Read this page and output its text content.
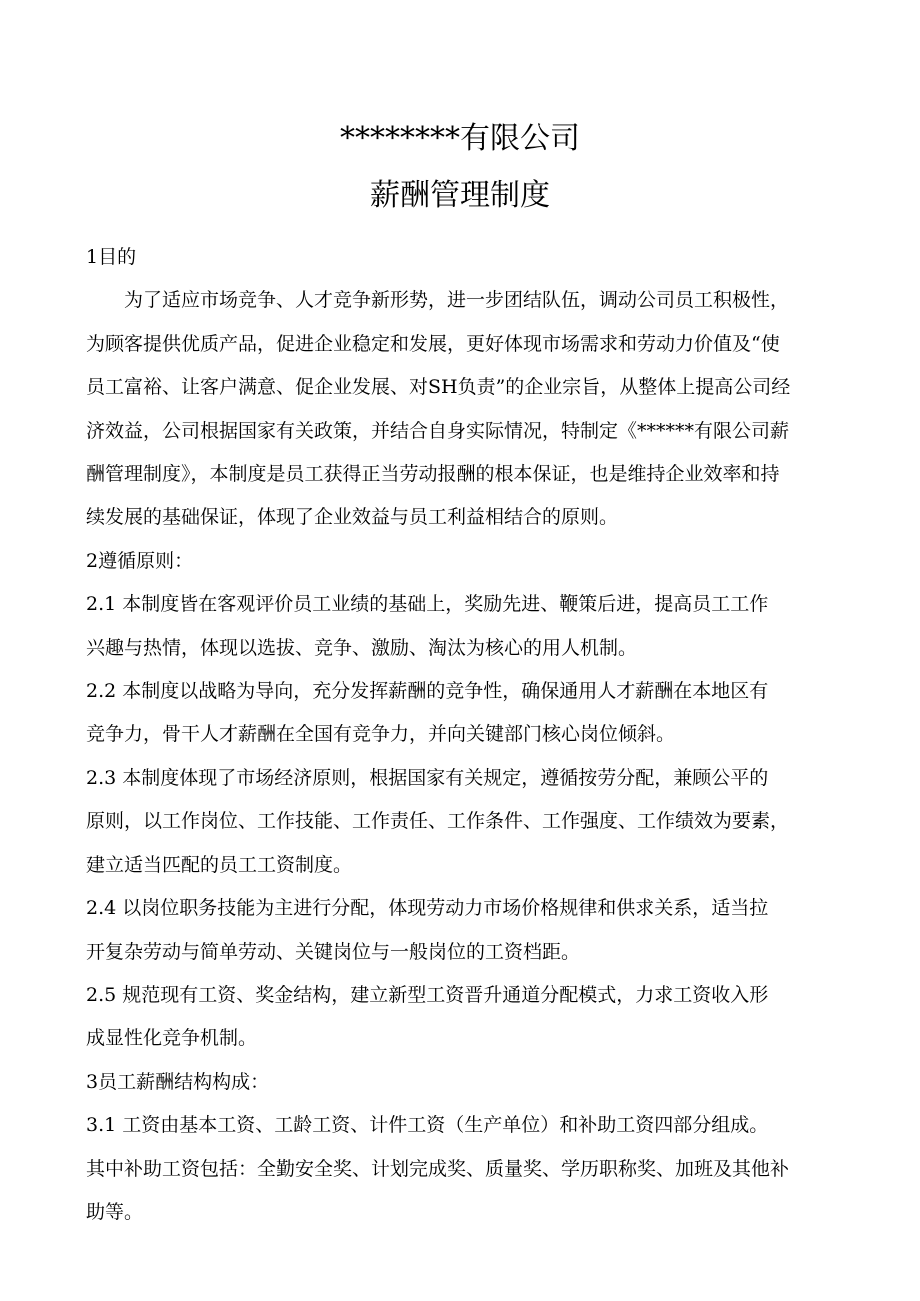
********有限公司
薪酬管理制度

1目的

为了适应市场竞争、人才竞争新形势，进一步团结队伍，调动公司员工积极性，

为顾客提供优质产品，促进企业稳定和发展，更好体现市场需求和劳动力价值及“使

员工富裕、让客户满意、促企业发展、对SH负责”的企业宗旨，从整体上提高公司经

济效益，公司根据国家有关政策，并结合自身实际情况，特制定《******有限公司薪

酬管理制度》，本制度是员工获得正当劳动报酬的根本保证，也是维持企业效率和持

续发展的基础保证，体现了企业效益与员工利益相结合的原则。

2遵循原则：

2.1 本制度皆在客观评价员工业绩的基础上，奖励先进、鞭策后进，提高员工工作

兴趣与热情，体现以选拔、竞争、激励、淘汰为核心的用人机制。

2.2 本制度以战略为导向，充分发挥薪酬的竞争性，确保通用人才薪酬在本地区有

竞争力，骨干人才薪酬在全国有竞争力，并向关键部门核心岗位倾斜。

2.3 本制度体现了市场经济原则，根据国家有关规定，遵循按劳分配，兼顾公平的

原则，以工作岗位、工作技能、工作责任、工作条件、工作强度、工作绩效为要素，

建立适当匹配的员工工资制度。

2.4 以岗位职务技能为主进行分配，体现劳动力市场价格规律和供求关系，适当拉

开复杂劳动与简单劳动、关键岗位与一般岗位的工资档距。

2.5 规范现有工资、奖金结构，建立新型工资晋升通道分配模式，力求工资收入形

成显性化竞争机制。

3员工薪酬结构构成：

3.1 工资由基本工资、工龄工资、计件工资（生产单位）和补助工资四部分组成。

其中补助工资包括：全勤安全奖、计划完成奖、质量奖、学历职称奖、加班及其他补

助等。
